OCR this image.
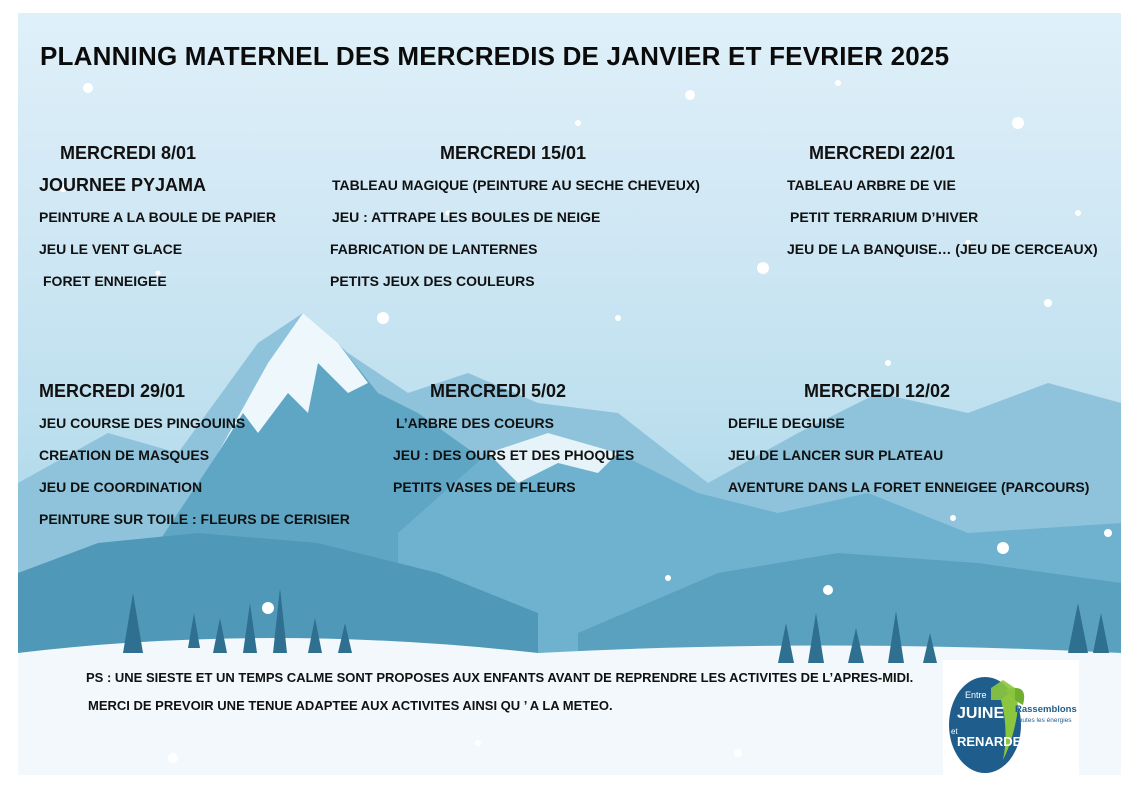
PLANNING MATERNEL DES MERCREDIS DE JANVIER ET FEVRIER 2025
MERCREDI 8/01
JOURNEE PYJAMA
PEINTURE A LA BOULE DE PAPIER
JEU LE VENT GLACE
FORET ENNEIGEE
MERCREDI 15/01
TABLEAU MAGIQUE (PEINTURE AU SECHE CHEVEUX)
JEU : ATTRAPE LES BOULES DE NEIGE
FABRICATION DE LANTERNES
PETITS JEUX DES COULEURS
MERCREDI 22/01
TABLEAU ARBRE DE VIE
PETIT TERRARIUM D’HIVER
JEU DE LA BANQUISE… (JEU DE CERCEAUX)
MERCREDI 29/01
JEU COURSE DES PINGOUINS
CREATION DE MASQUES
JEU DE COORDINATION
PEINTURE SUR TOILE : FLEURS DE CERISIER
MERCREDI 5/02
L’ARBRE DES COEURS
JEU : DES OURS ET DES PHOQUES
PETITS VASES DE FLEURS
MERCREDI 12/02
DEFILE DEGUISE
JEU DE LANCER SUR PLATEAU
AVENTURE DANS LA FORET ENNEIGEE (PARCOURS)
PS : UNE SIESTE ET UN TEMPS CALME SONT PROPOSES AUX ENFANTS AVANT DE REPRENDRE LES ACTIVITES DE L’APRES-MIDI.
MERCI DE PREVOIR UNE TENUE ADAPTEE AUX ACTIVITES AINSI QU ’ A LA METEO.
Entre
JUINE
et
RENARDE
Rassemblons
toutes les énergies
